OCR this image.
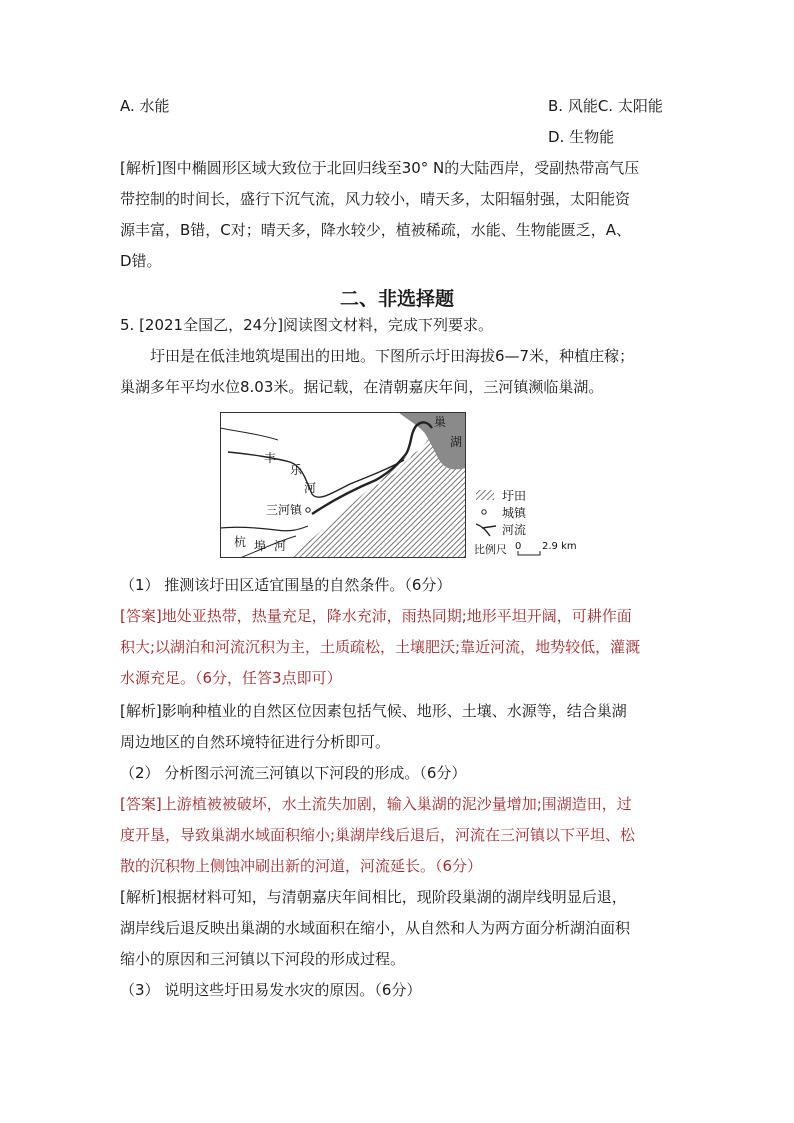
A. 水能	B. 风能C. 太阳能
D. 生物能
[解析]图中椭圆形区域大致位于北回归线至30° N的大陆西岸，受副热带高气压
带控制的时间长，盛行下沉气流，风力较小，晴天多，太阳辐射强，太阳能资
源丰富，B错，C对；晴天多，降水较少，植被稀疏，水能、生物能匮乏，A、
D错。
二、非选择题
5. [2021全国乙，24分]阅读图文材料，完成下列要求。
圩田是在低洼地筑堤围出的田地。下图所示圩田海拔6—7米，种植庄稼；
巢湖多年平均水位8.03米。据记载，在清朝嘉庆年间，三河镇濒临巢湖。
巢
湖
丰
乐
河
三河镇
杭 埠 河
圩田
城镇
河流
比例尺 0 2.9 km
（1） 推测该圩田区适宜围垦的自然条件。（6分）
[答案]地处亚热带，热量充足，降水充沛，雨热同期;地形平坦开阔，可耕作面
积大;以湖泊和河流沉积为主，土质疏松，土壤肥沃;靠近河流，地势较低，灌溉
水源充足。（6分，任答3点即可）
[解析]影响种植业的自然区位因素包括气候、地形、土壤、水源等，结合巢湖
周边地区的自然环境特征进行分析即可。
（2） 分析图示河流三河镇以下河段的形成。（6分）
[答案]上游植被被破坏，水土流失加剧，输入巢湖的泥沙量增加;围湖造田，过
度开垦，导致巢湖水域面积缩小;巢湖岸线后退后，河流在三河镇以下平坦、松
散的沉积物上侧蚀冲刷出新的河道，河流延长。（6分）
[解析]根据材料可知，与清朝嘉庆年间相比，现阶段巢湖的湖岸线明显后退，
湖岸线后退反映出巢湖的水域面积在缩小，从自然和人为两方面分析湖泊面积
缩小的原因和三河镇以下河段的形成过程。
（3） 说明这些圩田易发水灾的原因。（6分）
